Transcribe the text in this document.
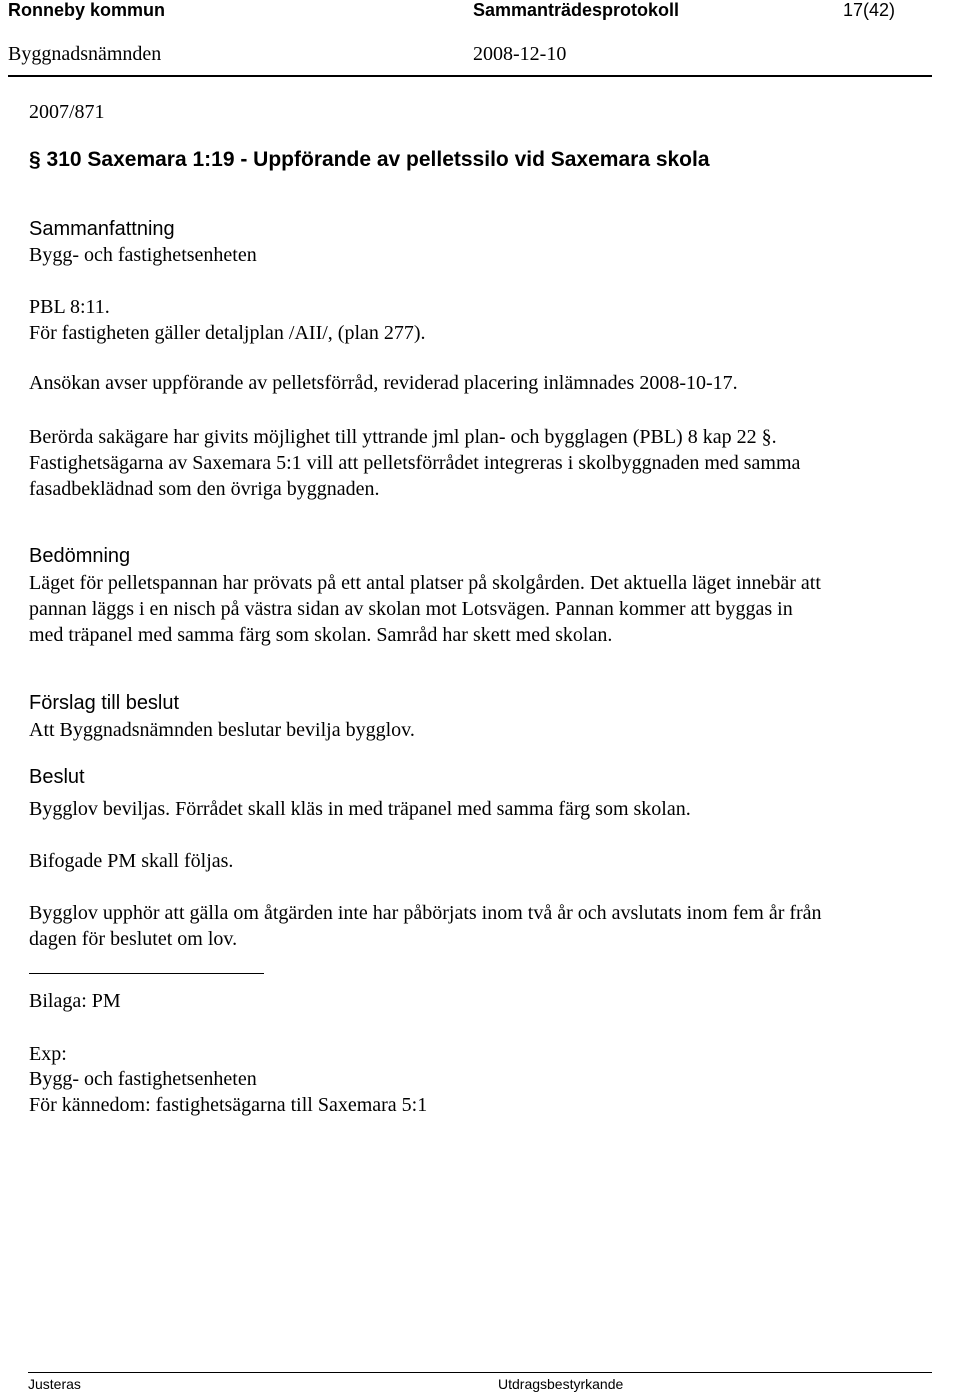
Ronneby kommun	Sammanträdesprotokoll	17(42)
Byggnadsnämnden	2008-12-10
2007/871
§ 310 Saxemara 1:19 - Uppförande av pelletssilo vid Saxemara skola
Sammanfattning
Bygg- och fastighetsenheten
PBL 8:11.
För fastigheten gäller detaljplan /AII/, (plan 277).
Ansökan avser uppförande av pelletsförråd, reviderad placering inlämnades 2008-10-17.
Berörda sakägare har givits möjlighet till yttrande jml plan- och bygglagen (PBL) 8 kap 22 §.
Fastighetsägarna av Saxemara 5:1 vill att pelletsförrådet integreras i skolbyggnaden med samma
fasadbeklädnad som den övriga byggnaden.
Bedömning
Läget för pelletspannan har prövats på ett antal platser på skolgården. Det aktuella läget innebär att
pannan läggs i en nisch på västra sidan av skolan mot Lotsvägen. Pannan kommer att byggas in
med träpanel med samma färg som skolan. Samråd har skett med skolan.
Förslag till beslut
Att Byggnadsnämnden beslutar bevilja bygglov.
Beslut
Bygglov beviljas. Förrådet skall kläs in med träpanel med samma färg som skolan.
Bifogade PM skall följas.
Bygglov upphör att gälla om åtgärden inte har påbörjats inom två år och avslutats inom fem år från
dagen för beslutet om lov.
Bilaga: PM
Exp:
Bygg- och fastighetsenheten
För kännedom: fastighetsägarna till Saxemara 5:1
Justeras	Utdragsbestyrkande
